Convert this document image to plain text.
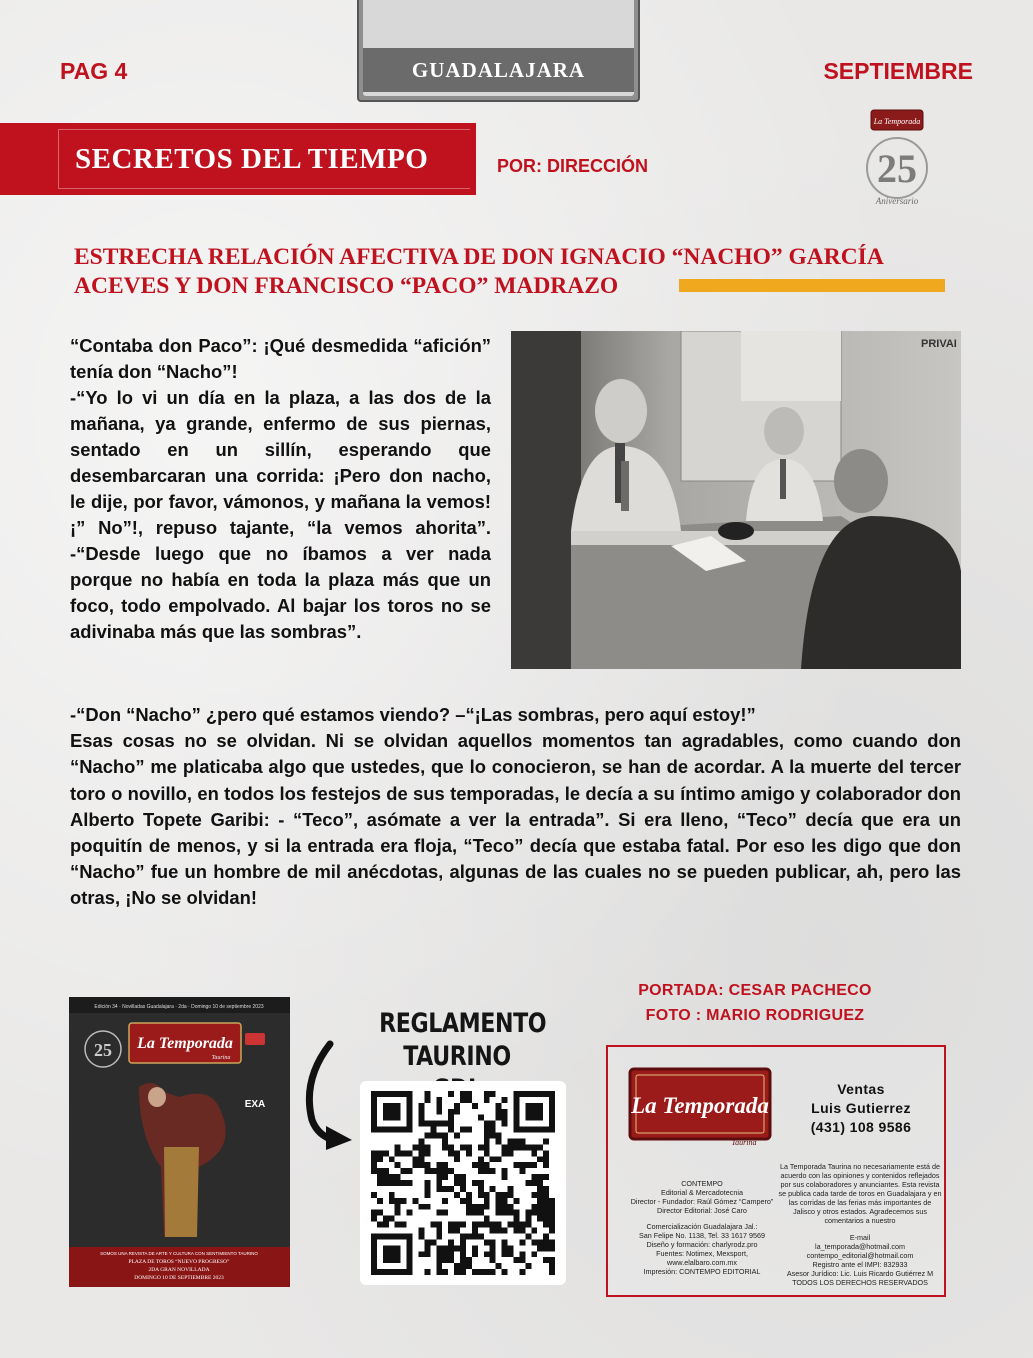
PAG 4	GUADALAJARA	SEPTIEMBRE
SECRETOS DEL TIEMPO	POR: DIRECCIÓN
La Temporada
25
Aniversario
ESTRECHA RELACIÓN AFECTIVA DE DON IGNACIO “NACHO” GARCÍA
ACEVES Y DON FRANCISCO “PACO” MADRAZO

“Contaba don Paco”: ¡Qué desmedida “afición” tenía don “Nacho”!

-“Yo lo vi un día en la plaza, a las dos de la mañana, ya grande, enfermo de sus piernas, sentado en un sillín, esperando que desembarcaran una corrida: ¡Pero don nacho, le dije, por favor, vámonos, y mañana la vemos! ¡” No”!, repuso tajante, “la vemos ahorita”. -“Desde luego que no íbamos a ver nada porque no había en toda la plaza más que un foco, todo empolvado. Al bajar los toros no se adivinaba más que las sombras”.

PRIVAI

-“Don “Nacho” ¿pero qué estamos viendo? –“¡Las sombras, pero aquí estoy!”

Esas cosas no se olvidan. Ni se olvidan aquellos momentos tan agradables, como cuando don “Nacho” me platicaba algo que ustedes, que lo conocieron, se han de acordar. A la muerte del tercer toro o novillo, en todos los festejos de sus temporadas, le decía a su íntimo amigo y colaborador don Alberto Topete Garibi: - “Teco”, asómate a ver la entrada”. Si era lleno, “Teco” decía que era un poquitín de menos, y si la entrada era floja, “Teco” decía que estaba fatal. Por eso les digo que don “Nacho” fue un hombre de mil anécdotas, algunas de las cuales no se pueden publicar, ah, pero las otras, ¡No se olvidan!

Edición 34 · Novilladas Guadalajara · 2da · Domingo 10 de septiembre 2023
La Temporada
Taurina
25
EXA
SOMOS UNA REVISTA DE ARTE Y CULTURA CON SENTIMIENTO TAURINO
PLAZA DE TOROS “NUEVO PROGRESO”
2DA GRAN NOVILLADA
DOMINGO 10 DE SEPTIEMBRE 2023
REGLAMENTO
TAURINO
PORTADA: CESAR PACHECO
FOTO : MARIO RODRIGUEZ
La Temporada
Taurina
Ventas
Luis Gutierrez
(431) 108 9586
La Temporada Taurina no necesariamente está de acuerdo con las opiniones y contenidos reflejados por sus colaboradores y anunciantes. Esta revista se publica cada tarde de toros en Guadalajara y en las corridas de las ferias más importantes de Jalisco y otros estados. Agradecemos sus comentarios a nuestro
CONTEMPO
Editorial & Mercadotecnia
Director - Fundador: Raúl Gómez “Campero”
Director Editorial: José Caro
Comercialización Guadalajara Jal.:
San Felipe No. 1138, Tel. 33 1617 9569
Diseño y formación: charlyrodz.pro
Fuentes: Notimex, Mexsport,
www.elalbaro.com.mx
Impresión: CONTEMPO EDITORIAL
E-mail
la_temporada@hotmail.com
contempo_editorial@hotmail.com
Registro ante el IMPI: 832933
Asesor Jurídico: Lic. Luis Ricardo Gutiérrez M
TODOS LOS DERECHOS RESERVADOS
